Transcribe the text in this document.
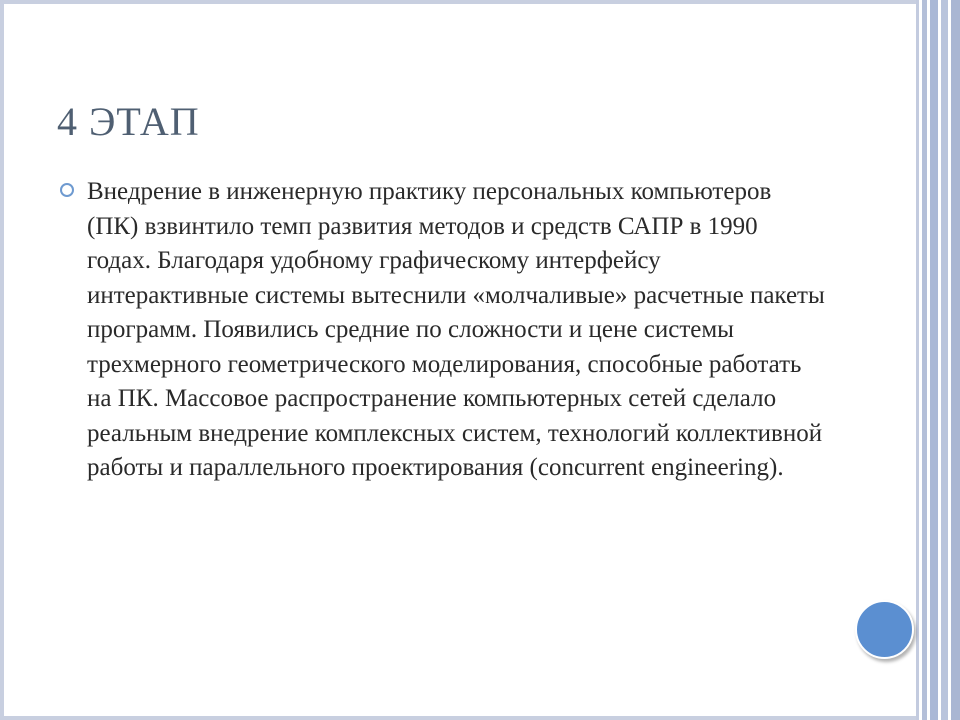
4 ЭТАП

Внедрение в инженерную практику персональных компьютеров (ПК) взвинтило темп развития методов и средств САПР в 1990 годах. Благодаря удобному графическому интерфейсу интерактивные системы вытеснили «молчаливые» расчетные пакеты программ. Появились средние по сложности и цене системы трехмерного геометрического моделирования, способные работать на ПК. Массовое распространение компьютерных сетей сделало реальным внедрение комплексных систем, технологий коллективной работы и параллельного проектирования (concurrent engineering).
